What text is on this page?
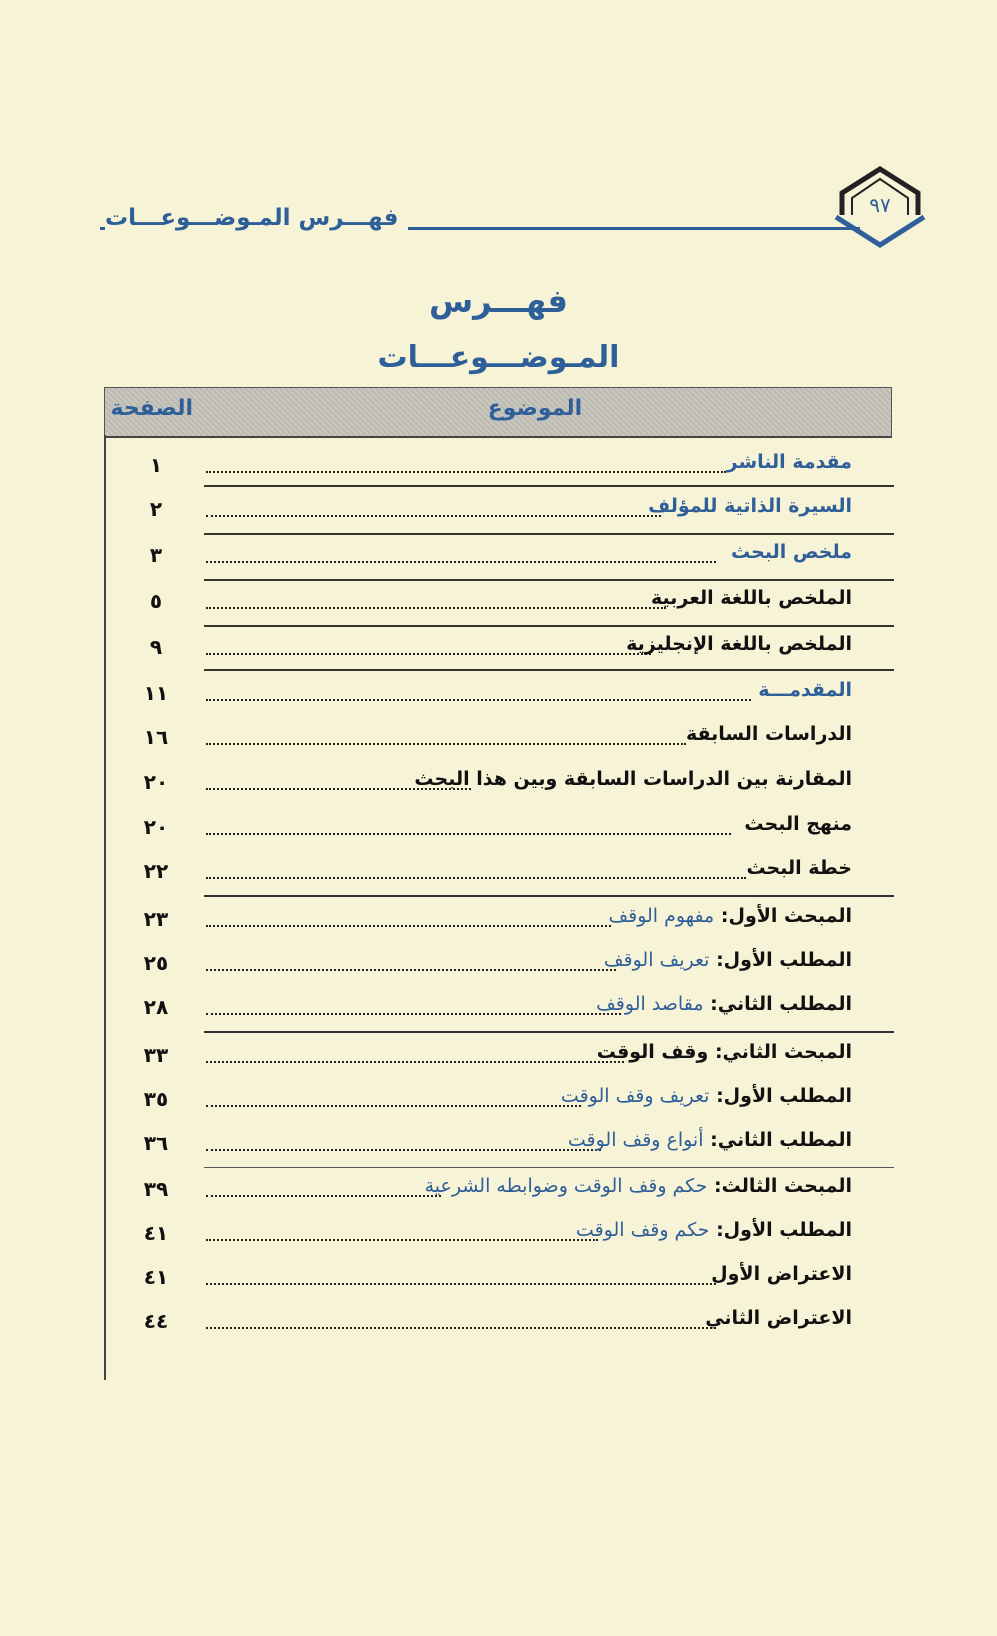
فهـــرس المـوضـــوعـــات	٩٧
فهـــرس
المـوضـــوعـــات
الصفحة	الموضوع
١	مقدمة الناشر
٢	السيرة الذاتية للمؤلف
٣	ملخص البحث
٥	الملخص باللغة العربية
٩	الملخص باللغة الإنجليزية
١١	المقدمـــة
١٦	الدراسات السابقة
٢٠	المقارنة بين الدراسات السابقة وبين هذا البحث
٢٠	منهج البحث
٢٢	خطة البحث
٢٣	المبحث الأول: مفهوم الوقف
٢٥	المطلب الأول: تعريف الوقف
٢٨	المطلب الثاني: مقاصد الوقف
٣٣	المبحث الثاني: وقف الوقت
٣٥	المطلب الأول: تعريف وقف الوقت
٣٦	المطلب الثاني: أنواع وقف الوقت
٣٩	المبحث الثالث: حكم وقف الوقت وضوابطه الشرعية
٤١	المطلب الأول: حكم وقف الوقت
٤١	الاعتراض الأول
٤٤	الاعتراض الثاني
